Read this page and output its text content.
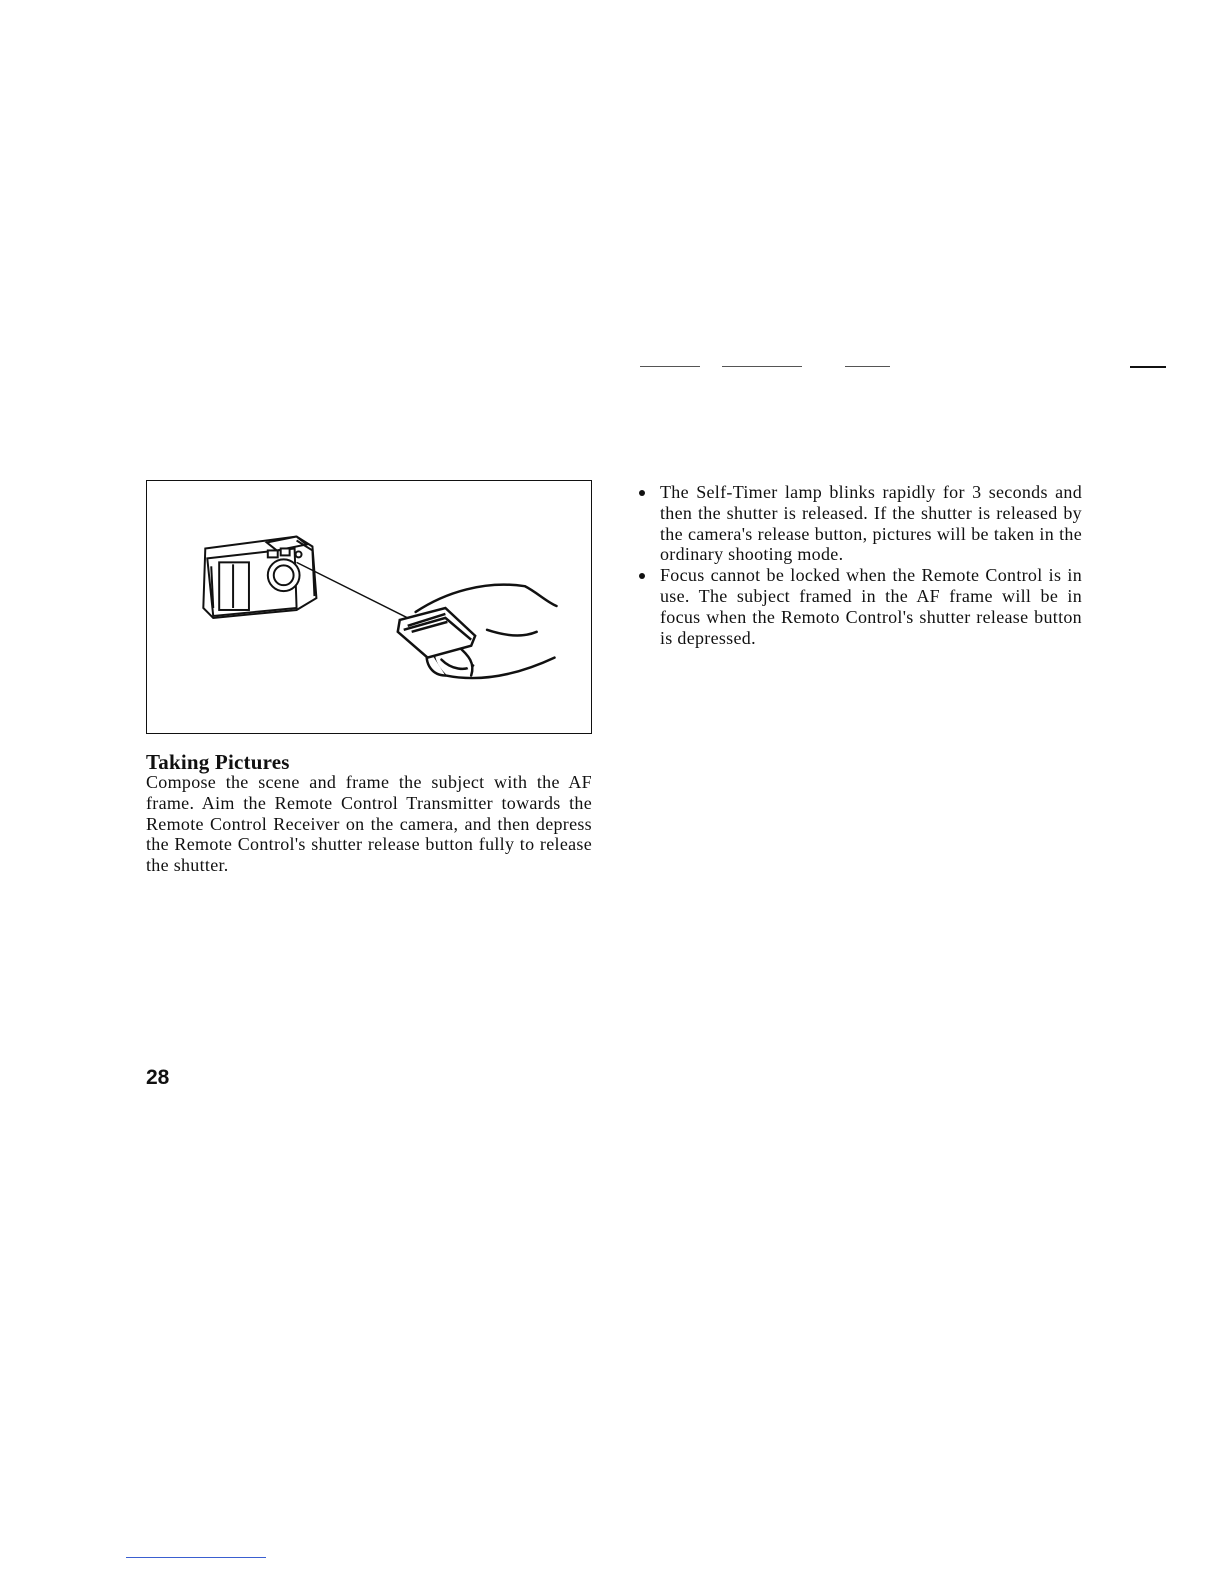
Taking Pictures

Compose the scene and frame the subject with the AF frame. Aim the Remote Control Transmitter towards the Remote Control Receiver on the camera, and then depress the Remote Control's shutter release button fully to release the shutter.

The Self-Timer lamp blinks rapidly for 3 seconds and then the shutter is released. If the shutter is released by the camera's release button, pictures will be taken in the ordinary shooting mode.
Focus cannot be locked when the Remote Control is in use. The subject framed in the AF frame will be in focus when the Remoto Control's shutter release button is depressed.

28
